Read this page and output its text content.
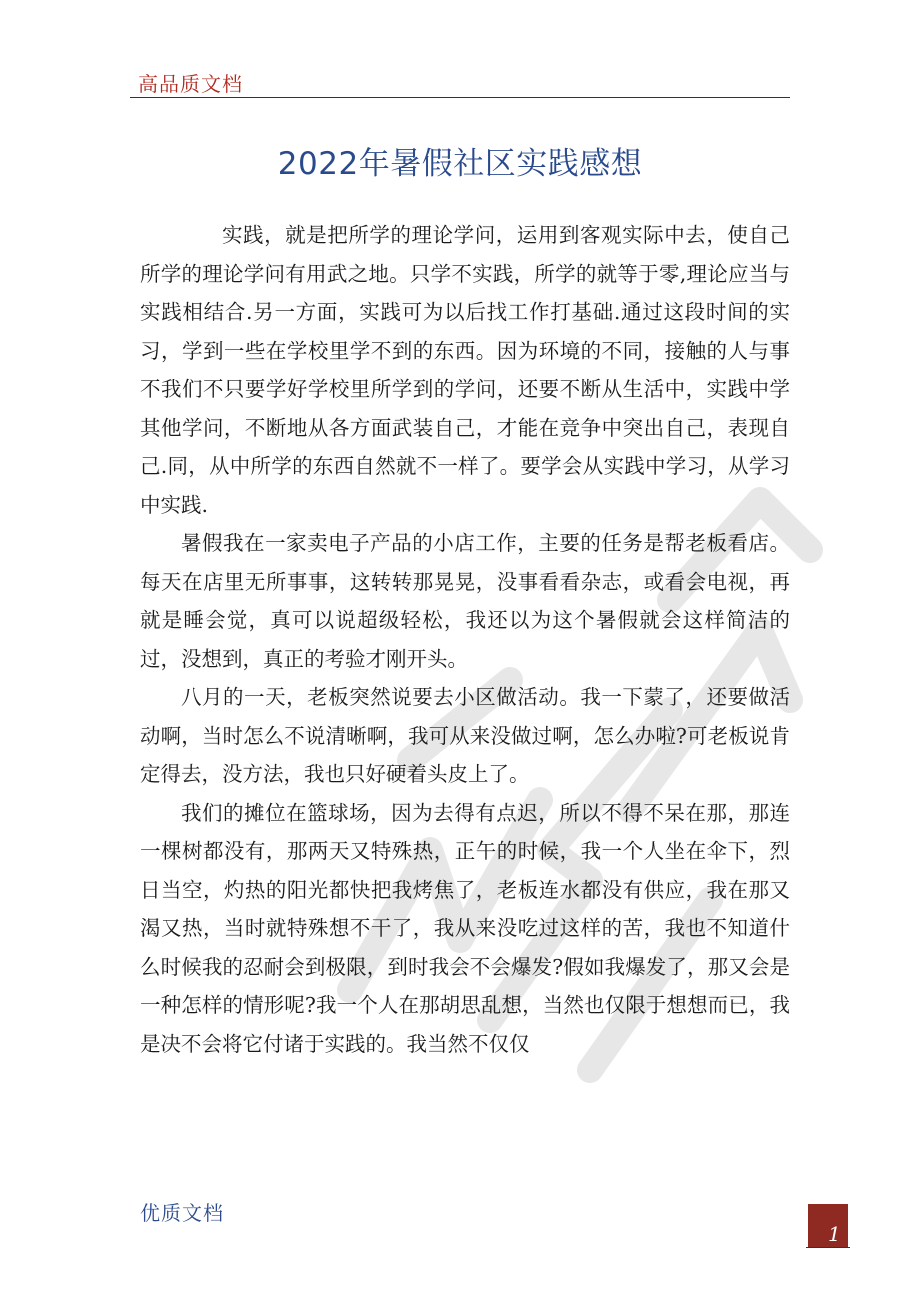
高品质文档
2022年暑假社区实践感想

实践，就是把所学的理论学问，运用到客观实际中去，使自己所学的理论学问有用武之地。只学不实践，所学的就等于零,理论应当与实践相结合.另一方面，实践可为以后找工作打基础.通过这段时间的实习，学到一些在学校里学不到的东西。因为环境的不同，接触的人与事不我们不只要学好学校里所学到的学问，还要不断从生活中，实践中学其他学问，不断地从各方面武装自己，才能在竞争中突出自己，表现自己.同，从中所学的东西自然就不一样了。要学会从实践中学习，从学习中实践.

暑假我在一家卖电子产品的小店工作，主要的任务是帮老板看店。每天在店里无所事事，这转转那晃晃，没事看看杂志，或看会电视，再就是睡会觉，真可以说超级轻松，我还以为这个暑假就会这样简洁的过，没想到，真正的考验才刚开头。

八月的一天，老板突然说要去小区做活动。我一下蒙了，还要做活动啊，当时怎么不说清晰啊，我可从来没做过啊，怎么办啦?可老板说肯定得去，没方法，我也只好硬着头皮上了。

我们的摊位在篮球场，因为去得有点迟，所以不得不呆在那，那连一棵树都没有，那两天又特殊热，正午的时候，我一个人坐在伞下，烈日当空，灼热的阳光都快把我烤焦了，老板连水都没有供应，我在那又渴又热，当时就特殊想不干了，我从来没吃过这样的苦，我也不知道什么时候我的忍耐会到极限，到时我会不会爆发?假如我爆发了，那又会是一种怎样的情形呢?我一个人在那胡思乱想，当然也仅限于想想而已，我是决不会将它付诸于实践的。我当然不仅仅

优质文档
1
